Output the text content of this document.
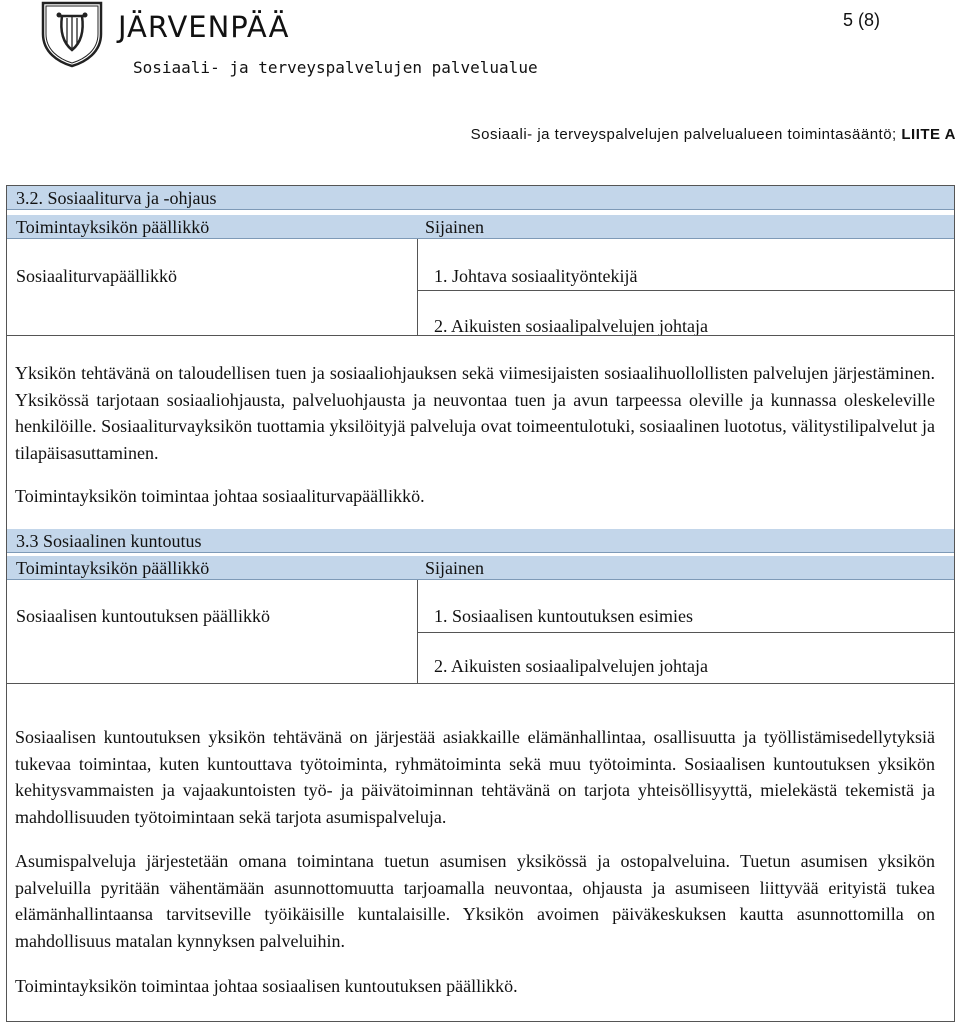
JÄRVENPÄÄ
Sosiaali- ja terveyspalvelujen palvelualue
5 (8)
Sosiaali- ja terveyspalvelujen palvelualueen toimintasääntö; LIITE A
3.2. Sosiaaliturva ja -ohjaus
Toimintayksikön päällikkö	Sijainen
Sosiaaliturvapäällikkö	1. Johtava sosiaalityöntekijä
2. Aikuisten sosiaalipalvelujen johtaja
Yksikön tehtävänä on taloudellisen tuen ja sosiaaliohjauksen sekä viimesijaisten sosiaalihuollollisten palvelujen järjestäminen. Yksikössä tarjotaan sosiaaliohjausta, palveluohjausta ja neuvontaa tuen ja avun tarpeessa oleville ja kunnassa oleskeleville henkilöille. Sosiaaliturvayksikön tuottamia yksilöityjä palveluja ovat toimeentulotuki, sosiaalinen luototus, välitystilipalvelut ja tilapäisasuttaminen.
Toimintayksikön toimintaa johtaa sosiaaliturvapäällikkö.
3.3 Sosiaalinen kuntoutus
Toimintayksikön päällikkö	Sijainen
Sosiaalisen kuntoutuksen päällikkö	1. Sosiaalisen kuntoutuksen esimies
2. Aikuisten sosiaalipalvelujen johtaja
Sosiaalisen kuntoutuksen yksikön tehtävänä on järjestää asiakkaille elämänhallintaa, osallisuutta ja työllistämisedellytyksiä tukevaa toimintaa, kuten kuntouttava työtoiminta, ryhmätoiminta sekä muu työtoiminta. Sosiaalisen kuntoutuksen yksikön kehitysvammaisten ja vajaakuntoisten työ- ja päivätoiminnan tehtävänä on tarjota yhteisöllisyyttä, mielekästä tekemistä ja mahdollisuuden työtoimintaan sekä tarjota asumispalveluja.
Asumispalveluja järjestetään omana toimintana tuetun asumisen yksikössä ja ostopalveluina. Tuetun asumisen yksikön palveluilla pyritään vähentämään asunnottomuutta tarjoamalla neuvontaa, ohjausta ja asumiseen liittyvää erityistä tukea elämänhallintaansa tarvitseville työikäisille kuntalaisille. Yksikön avoimen päiväkeskuksen kautta asunnottomilla on mahdollisuus matalan kynnyksen palveluihin.
Toimintayksikön toimintaa johtaa sosiaalisen kuntoutuksen päällikkö.
